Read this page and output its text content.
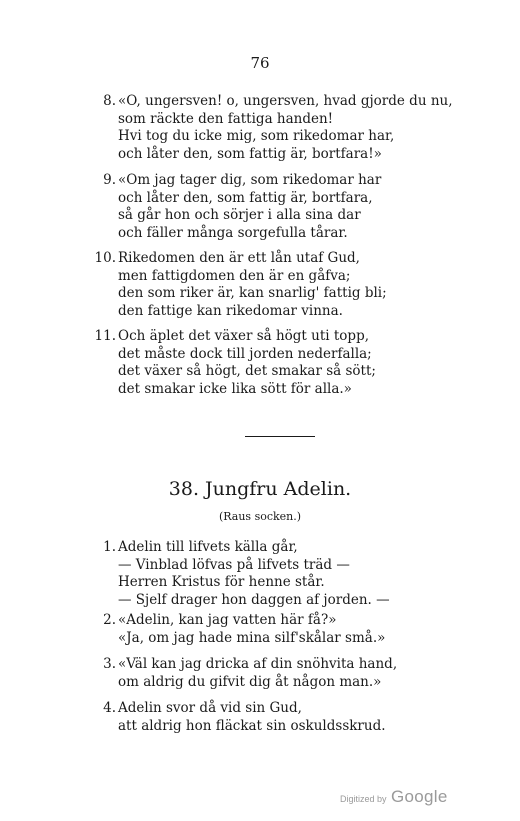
76
8. «O, ungersven! o, ungersven, hvad gjorde du nu,
som räckte den fattiga handen!
Hvi tog du icke mig, som rikedomar har,
och låter den, som fattig är, bortfara!»
9. «Om jag tager dig, som rikedomar har
och låter den, som fattig är, bortfara,
så går hon och sörjer i alla sina dar
och fäller många sorgefulla tårar.
10. Rikedomen den är ett lån utaf Gud,
men fattigdomen den är en gåfva;
den som riker är, kan snarlig' fattig bli;
den fattige kan rikedomar vinna.
11. Och äplet det växer så högt uti topp,
det måste dock till jorden nederfalla;
det växer så högt, det smakar så sött;
det smakar icke lika sött för alla.»
38. Jungfru Adelin.
(Raus socken.)
1. Adelin till lifvets källa går,
— Vinblad löfvas på lifvets träd —
Herren Kristus för henne står.
— Sjelf drager hon daggen af jorden. —
2. «Adelin, kan jag vatten här få?»
«Ja, om jag hade mina silf'skålar små.»
3. «Väl kan jag dricka af din snöhvita hand,
om aldrig du gifvit dig åt någon man.»
4. Adelin svor då vid sin Gud,
att aldrig hon fläckat sin oskuldsskrud.
Digitized by Google
